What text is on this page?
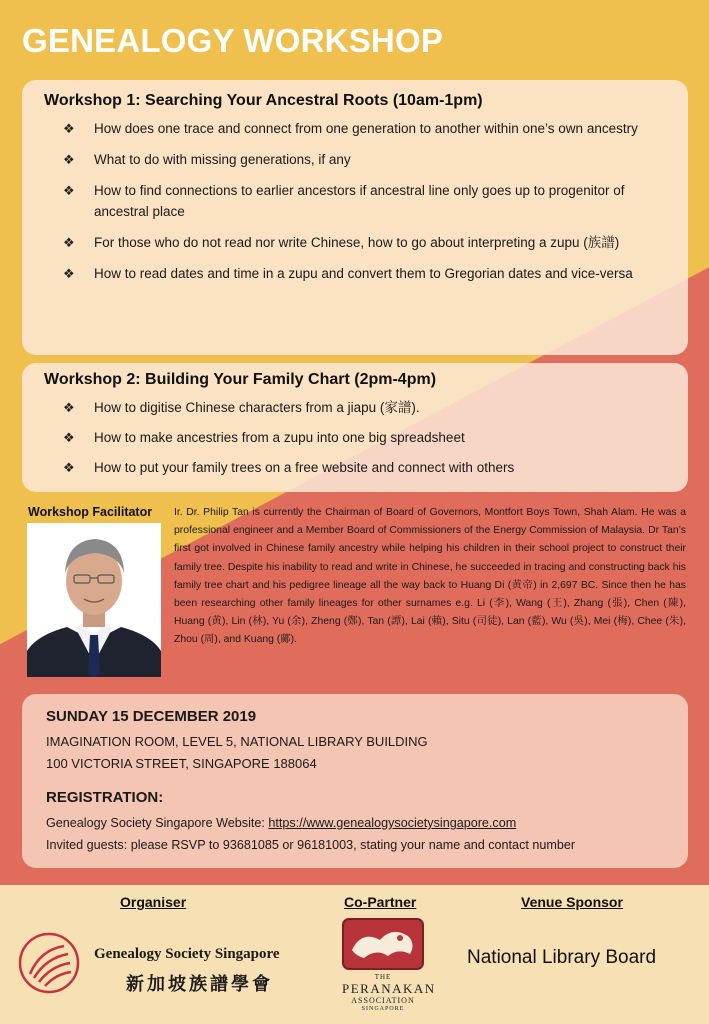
GENEALOGY WORKSHOP
Workshop 1: Searching Your Ancestral Roots (10am-1pm)
❖ How does one trace and connect from one generation to another within one’s own ancestry
❖ What to do with missing generations, if any
❖ How to find connections to earlier ancestors if ancestral line only goes up to progenitor of ancestral place
❖ For those who do not read nor write Chinese, how to go about interpreting a zupu (族譜)
❖ How to read dates and time in a zupu and convert them to Gregorian dates and vice-versa
Workshop 2: Building Your Family Chart (2pm-4pm)
❖ How to digitise Chinese characters from a jiapu (家譜).
❖ How to make ancestries from a zupu into one big spreadsheet
❖ How to put your family trees on a free website and connect with others

Workshop Facilitator Ir. Dr. Philip Tan is currently the Chairman of Board of Governors, Montfort Boys Town, Shah Alam. He was a professional engineer and a Member Board of Commissioners of the Energy Commission of Malaysia. Dr Tan’s first got involved in Chinese family ancestry while helping his children in their school project to construct their family tree. Despite his inability to read and write in Chinese, he succeeded in tracing and constructing back his family tree chart and his pedigree lineage all the way back to Huang Di (黄帝) in 2,697 BC. Since then he has been researching other family lineages for other surnames e.g. Li (李), Wang (王), Zhang (張), Chen (陳), Huang (黄), Lin (林), Yu (余), Zheng (鄭), Tan (譚), Lai (賴), Situ (司徒), Lan (藍), Wu (吳), Mei (梅), Chee (朱), Zhou (周), and Kuang (鄺).

SUNDAY 15 DECEMBER 2019

IMAGINATION ROOM, LEVEL 5, NATIONAL LIBRARY BUILDING

100 VICTORIA STREET, SINGAPORE 188064

REGISTRATION:

Genealogy Society Singapore Website: https://www.genealogysocietysingapore.com

Invited guests: please RSVP to 93681085 or 96181003, stating your name and contact number

Organiser	Co-Partner	Venue Sponsor

Genealogy Society Singapore

新加坡族譜學會	THE

PERANAKAN

ASSOCIATION

SINGAPORE

National Library Board
